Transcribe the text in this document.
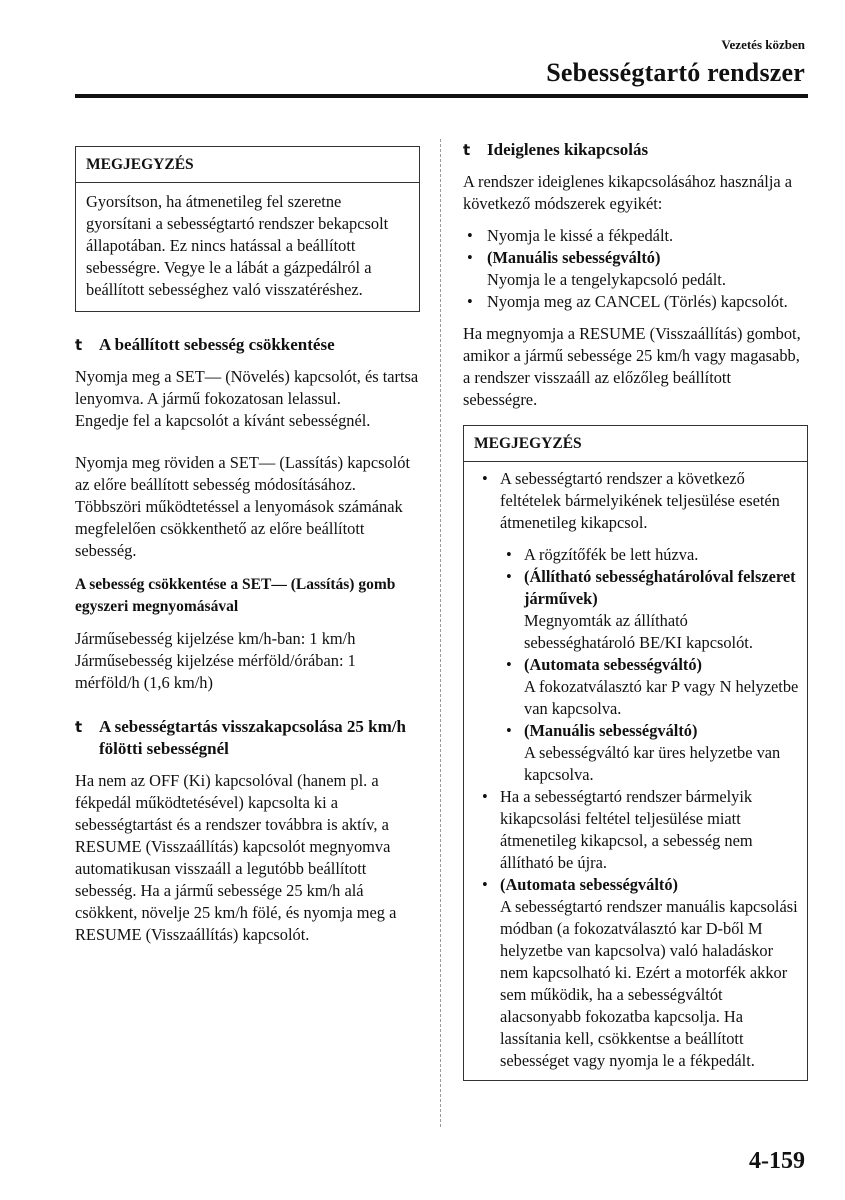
Vezetés közben
Sebességtartó rendszer
MEGJEGYZÉS

Gyorsítson, ha átmenetileg fel szeretne gyorsítani a sebességtartó rendszer bekapcsolt állapotában. Ez nincs hatással a beállított sebességre. Vegye le a lábát a gázpedálról a beállított sebességhez való visszatéréshez.

t A beállított sebesség csökkentése

Nyomja meg a SET— (Növelés) kapcsolót, és tartsa lenyomva. A jármű fokozatosan lelassul.

Engedje fel a kapcsolót a kívánt sebességnél.

Nyomja meg röviden a SET— (Lassítás) kapcsolót az előre beállított sebesség módosításához. Többszöri működtetéssel a lenyomások számának megfelelően csökkenthető az előre beállított sebesség.

A sebesség csökkentése a SET— (Lassítás) gomb egyszeri megnyomásával

Járműsebesség kijelzése km/h-ban: 1 km/h

Járműsebesség kijelzése mérföld/órában: 1 mérföld/h (1,6 km/h)

t A sebességtartás visszakapcsolása 25 km/h fölötti sebességnél

Ha nem az OFF (Ki) kapcsolóval (hanem pl. a fékpedál működtetésével) kapcsolta ki a sebességtartást és a rendszer továbbra is aktív, a RESUME (Visszaállítás) kapcsolót megnyomva automatikusan visszaáll a legutóbb beállított sebesség. Ha a jármű sebessége 25 km/h alá csökkent, növelje 25 km/h fölé, és nyomja meg a RESUME (Visszaállítás) kapcsolót.

t Ideiglenes kikapcsolás

A rendszer ideiglenes kikapcsolásához használja a következő módszerek egyikét:

• Nyomja le kissé a fékpedált.
• (Manuális sebességváltó)
Nyomja le a tengelykapcsoló pedált.
• Nyomja meg az CANCEL (Törlés) kapcsolót.

Ha megnyomja a RESUME (Visszaállítás) gombot, amikor a jármű sebessége 25 km/h vagy magasabb, a rendszer visszaáll az előzőleg beállított sebességre.

MEGJEGYZÉS
• A sebességtartó rendszer a következő feltételek bármelyikének teljesülése esetén átmenetileg kikapcsol.
• A rögzítőfék be lett húzva.
• (Állítható sebességhatárolóval felszeret járművek)
Megnyomták az állítható sebességhatároló BE/KI kapcsolót.
• (Automata sebességváltó)
A fokozatválasztó kar P vagy N helyzetbe van kapcsolva.
• (Manuális sebességváltó)
A sebességváltó kar üres helyzetbe van kapcsolva.
• Ha a sebességtartó rendszer bármelyik kikapcsolási feltétel teljesülése miatt átmenetileg kikapcsol, a sebesség nem állítható be újra.
• (Automata sebességváltó)
A sebességtartó rendszer manuális kapcsolási módban (a fokozatválasztó kar D-ből M helyzetbe van kapcsolva) való haladáskor nem kapcsolható ki. Ezért a motorfék akkor sem működik, ha a sebességváltót alacsonyabb fokozatba kapcsolja. Ha lassítania kell, csökkentse a beállított sebességet vagy nyomja le a fékpedált.
4-159
